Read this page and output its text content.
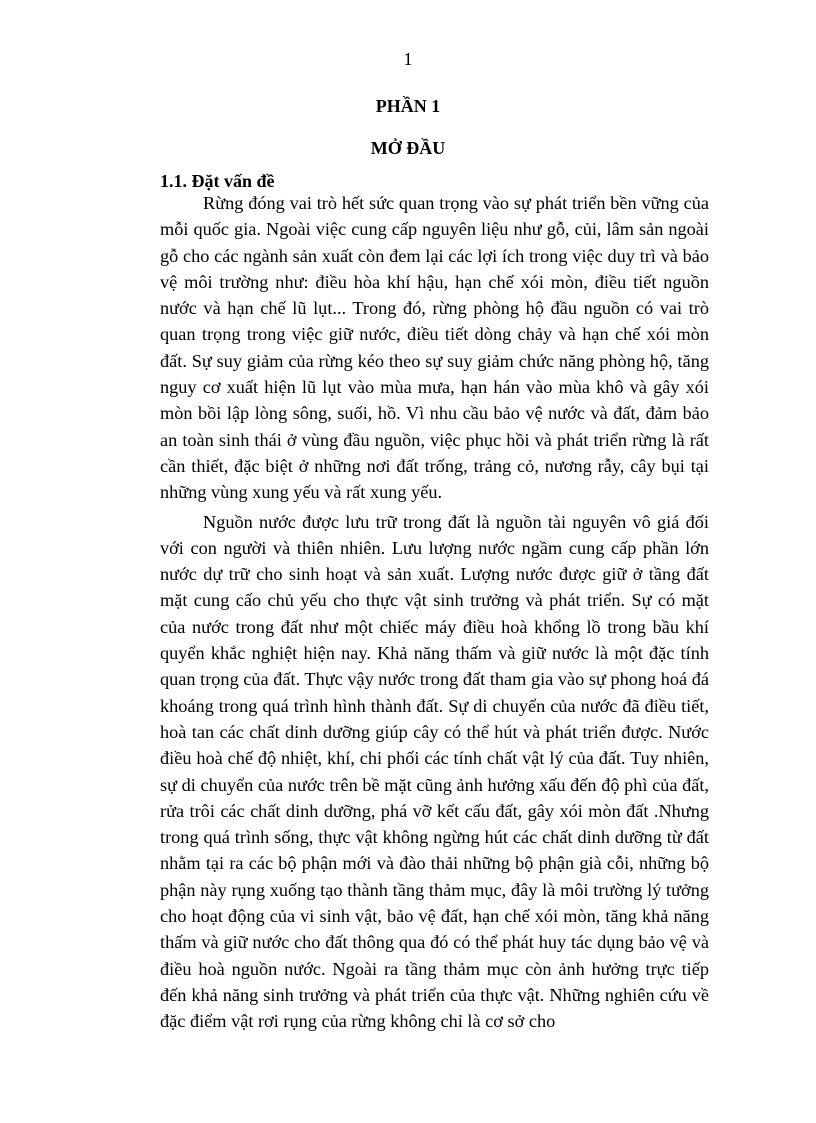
1
PHẦN 1
MỞ ĐẦU
1.1. Đặt vấn đề

Rừng đóng vai trò hết sức quan trọng vào sự phát triển bền vững của mỗi quốc gia. Ngoài việc cung cấp nguyên liệu như gỗ, củi, lâm sản ngoài gỗ cho các ngành sản xuất còn đem lại các lợi ích trong việc duy trì và bảo vệ môi trường như: điều hòa khí hậu, hạn chế xói mòn, điều tiết nguồn nước và hạn chế lũ lụt... Trong đó, rừng phòng hộ đầu nguồn có vai trò quan trọng trong việc giữ nước, điều tiết dòng chảy và hạn chế xói mòn đất. Sự suy giảm của rừng kéo theo sự suy giảm chức năng phòng hộ, tăng nguy cơ xuất hiện lũ lụt vào mùa mưa, hạn hán vào mùa khô và gây xói mòn bồi lập lòng sông, suối, hồ. Vì nhu cầu bảo vệ nước và đất, đảm bảo an toàn sinh thái ở vùng đầu nguồn, việc phục hồi và phát triển rừng là rất cần thiết, đặc biệt ở những nơi đất trống, trảng cỏ, nương rẫy, cây bụi tại những vùng xung yếu và rất xung yếu.

Nguồn nước được lưu trữ trong đất là nguồn tài nguyên vô giá đối với con người và thiên nhiên. Lưu lượng nước ngầm cung cấp phần lớn nước dự trữ cho sinh hoạt và sản xuất. Lượng nước được giữ ở tầng đất mặt cung cấo chủ yếu cho thực vật sinh trưởng và phát triển. Sự có mặt của nước trong đất như một chiếc máy điều hoà khổng lồ trong bầu khí quyển khắc nghiệt hiện nay. Khả năng thấm và giữ nước là một đặc tính quan trọng của đất. Thực vậy nước trong đất tham gia vào sự phong hoá đá khoáng trong quá trình hình thành đất. Sự di chuyển của nước đã điều tiết, hoà tan các chất dinh dưỡng giúp cây có thể hút và phát triển được. Nước điều hoà chế độ nhiệt, khí, chi phối các tính chất vật lý của đất. Tuy nhiên, sự di chuyển của nước trên bề mặt cũng ảnh hưởng xấu đến độ phì của đất, rửa trôi các chất dinh dưỡng, phá vỡ kết cấu đất, gây xói mòn đất .Nhưng trong quá trình sống, thực vật không ngừng hút các chất dinh dưỡng từ đất nhằm tại ra các bộ phận mới và đào thải những bộ phận già cỗi, những bộ phận này rụng xuống tạo thành tầng thảm mục, đây là môi trường lý tưởng cho hoạt động của vi sinh vật, bảo vệ đất, hạn chế xói mòn, tăng khả năng thấm và giữ nước cho đất thông qua đó có thể phát huy tác dụng bảo vệ và điều hoà nguồn nước. Ngoài ra tầng thảm mục còn ảnh hưởng trực tiếp đến khả năng sinh trưởng và phát triển của thực vật. Những nghiên cứu về đặc điểm vật rơi rụng của rừng không chỉ là cơ sở cho
